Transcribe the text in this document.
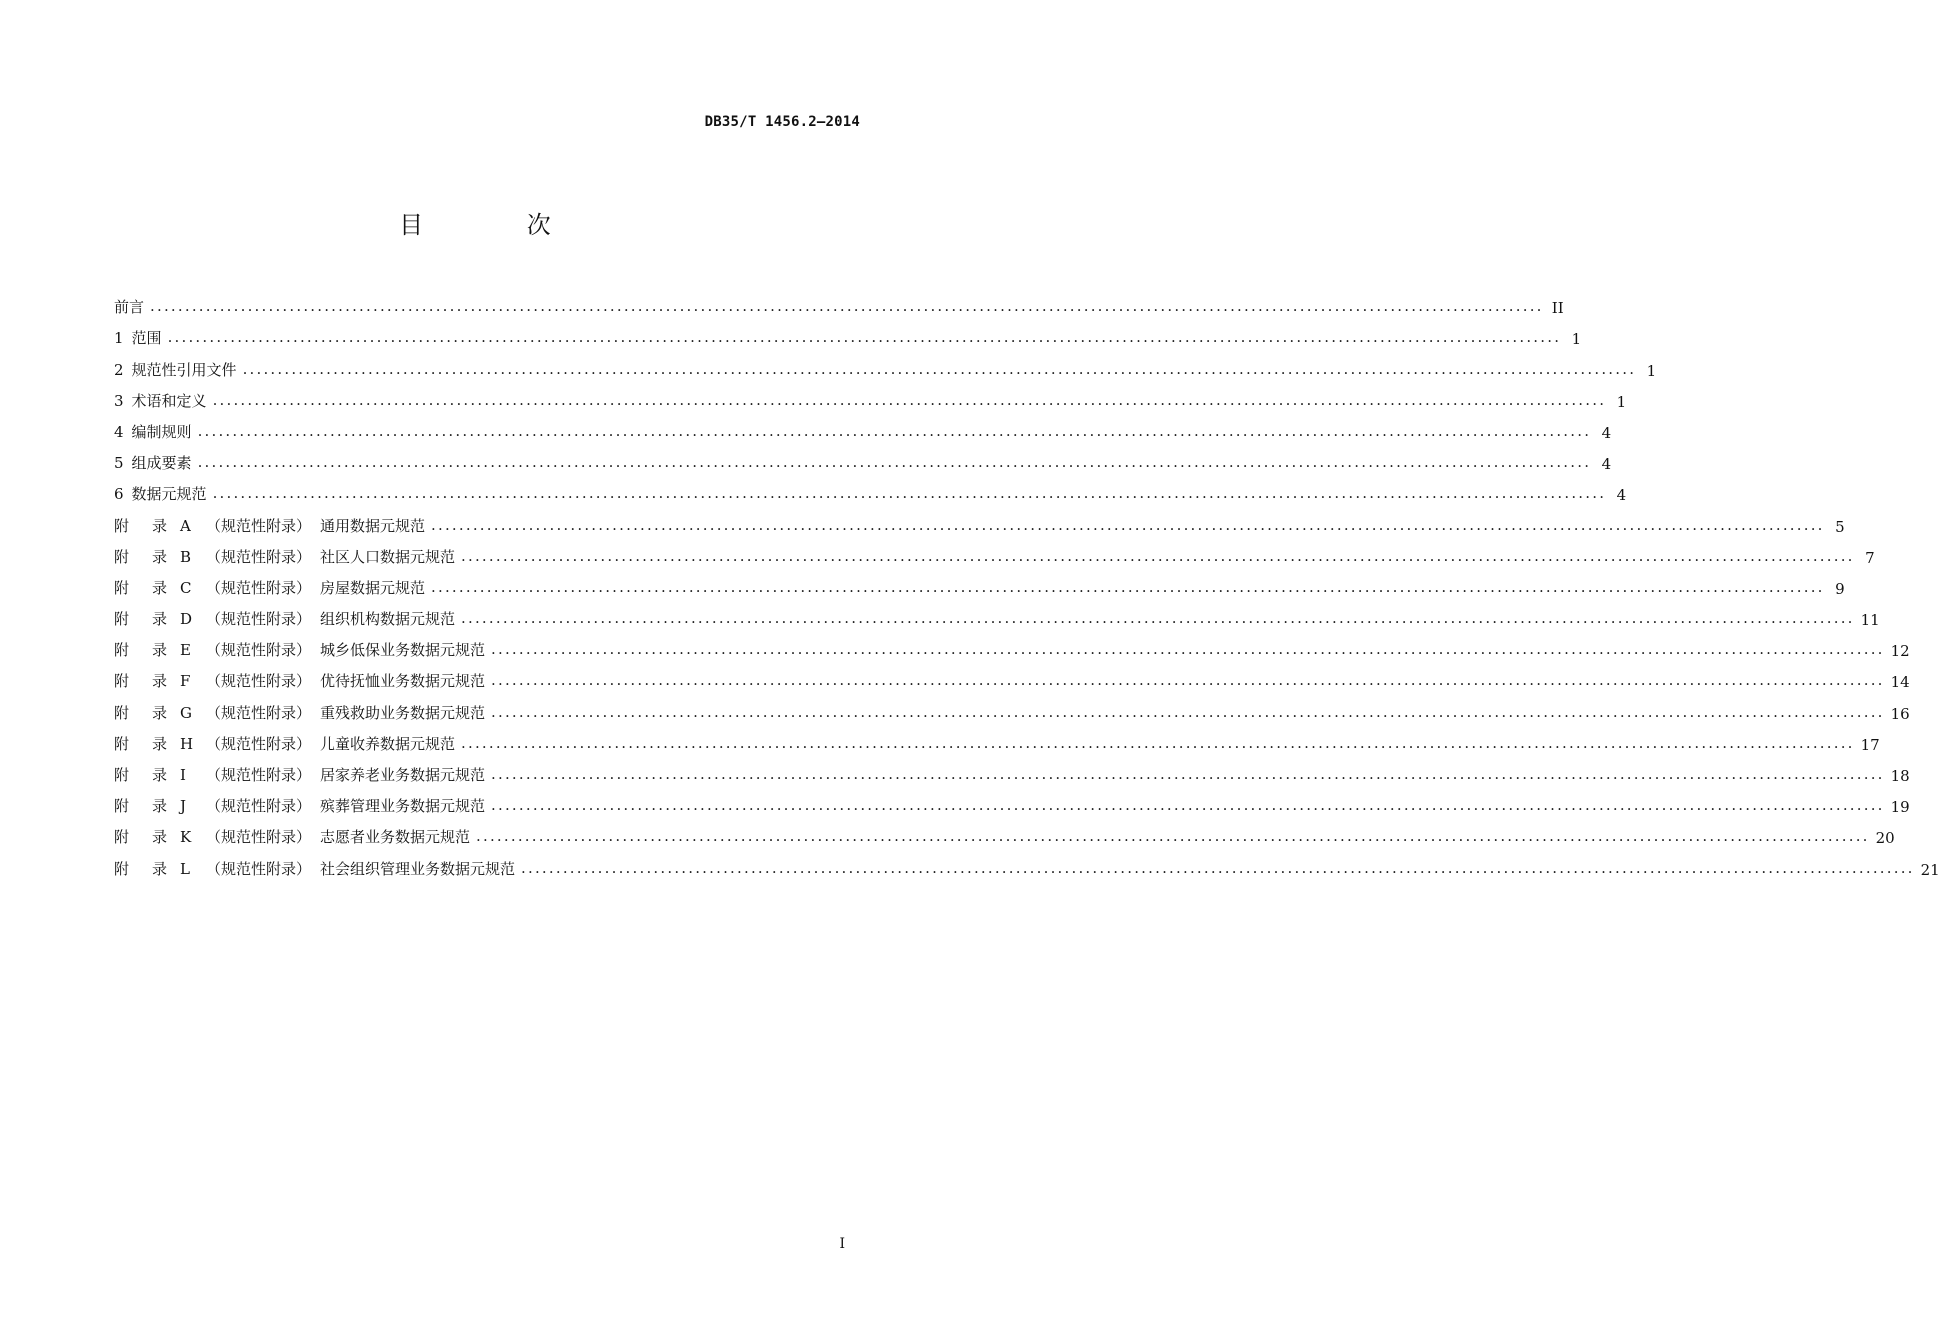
DB35/T 1456.2—2014
目 次
前言 ........................................................................................................................................................................................................ II
1 范围 ........................................................................................................................................................................................................ 1
2 规范性引用文件 ........................................................................................................................................................................................................ 1
3 术语和定义 ........................................................................................................................................................................................................ 1
4 编制规则 ........................................................................................................................................................................................................ 4
5 组成要素 ........................................................................................................................................................................................................ 4
6 数据元规范 ........................................................................................................................................................................................................ 4
附 录 A （规范性附录） 通用数据元规范 ........................................................................................................................................................................................................ 5
附 录 B （规范性附录） 社区人口数据元规范 ........................................................................................................................................................................................................ 7
附 录 C （规范性附录） 房屋数据元规范 ........................................................................................................................................................................................................ 9
附 录 D （规范性附录） 组织机构数据元规范 ........................................................................................................................................................................................................ 11
附 录 E （规范性附录） 城乡低保业务数据元规范 ........................................................................................................................................................................................................ 12
附 录 F （规范性附录） 优待抚恤业务数据元规范 ........................................................................................................................................................................................................ 14
附 录 G （规范性附录） 重残救助业务数据元规范 ........................................................................................................................................................................................................ 16
附 录 H （规范性附录） 儿童收养数据元规范 ........................................................................................................................................................................................................ 17
附 录 I （规范性附录） 居家养老业务数据元规范 ........................................................................................................................................................................................................ 18
附 录 J （规范性附录） 殡葬管理业务数据元规范 ........................................................................................................................................................................................................ 19
附 录 K （规范性附录） 志愿者业务数据元规范 ........................................................................................................................................................................................................ 20
附 录 L （规范性附录） 社会组织管理业务数据元规范 ........................................................................................................................................................................................................ 21
I
